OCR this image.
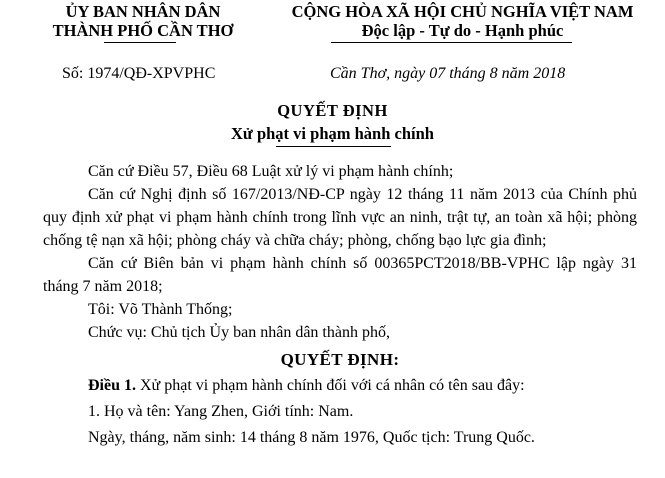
ỦY BAN NHÂN DÂN
THÀNH PHỐ CẦN THƠ
CỘNG HÒA XÃ HỘI CHỦ NGHĨA VIỆT NAM
Độc lập - Tự do - Hạnh phúc
Số: 1974/QĐ-XPVPHC	Cần Thơ, ngày 07 tháng 8 năm 2018
QUYẾT ĐỊNH
Xử phạt vi phạm hành chính

Căn cứ Điều 57, Điều 68 Luật xử lý vi phạm hành chính;

Căn cứ Nghị định số 167/2013/NĐ-CP ngày 12 tháng 11 năm 2013 của Chính phủ quy định xử phạt vi phạm hành chính trong lĩnh vực an ninh, trật tự, an toàn xã hội; phòng chống tệ nạn xã hội; phòng cháy và chữa cháy; phòng, chống bạo lực gia đình;

Căn cứ Biên bản vi phạm hành chính số 00365PCT2018/BB-VPHC lập ngày 31 tháng 7 năm 2018;

Tôi: Võ Thành Thống;

Chức vụ: Chủ tịch Ủy ban nhân dân thành phố,

QUYẾT ĐỊNH:

Điều 1. Xử phạt vi phạm hành chính đối với cá nhân có tên sau đây:

1. Họ và tên: Yang Zhen, Giới tính: Nam.

Ngày, tháng, năm sinh: 14 tháng 8 năm 1976, Quốc tịch: Trung Quốc.
